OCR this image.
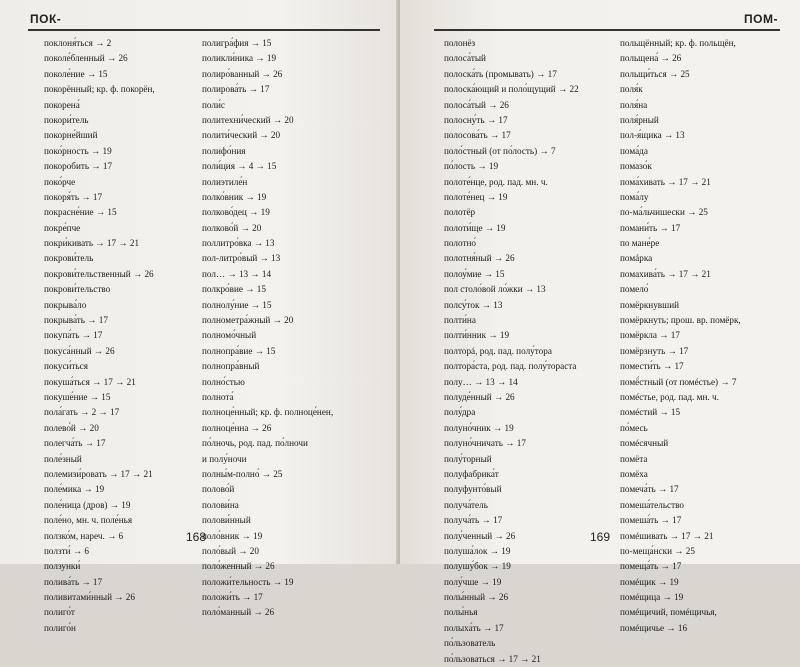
ПОК-
поклоня́ться → 2
поколе́бленный → 26
поколе́ние → 15
покорённый; кр. ф. покорён,
покорена́
покори́тель
покорне́йший
поко́рность → 19
покоробить → 17
поко́рче
покоря́ть → 17
покрасне́ние → 15
покре́пче
покри́кивать → 17 → 21
покрови́тель
покрови́тельственный → 26
покрови́тельство
покрыва́ло
покрыва́ть → 17
покупа́ть → 17
покуса́нный → 26
покуси́ться
покуша́ться → 17 → 21
покуше́ние → 15
пола́гать → 2 → 17
полево́й → 20
полегча́ть → 17
поле́зный
полемизи́ровать → 17 → 21
поле́мика → 19
поле́ница (дров) → 19
поле́но, мн. ч. поле́нья
ползко́м, нареч. → 6
ползти́ → 6
ползунки́
полива́ть → 17
поливитами́нный → 26
полиго́т
полиго́н
полигра́фия → 15
поликли́ника → 19
полиро́ванный → 26
полирова́ть → 17
поли́с
политехни́ческий → 20
полити́ческий → 20
полифо́ния
поли́ция → 4 → 15
полиэтиле́н
полко́вник → 19
полково́дец → 19
полково́й → 20
поллитро́вка → 13
пол-литро́вый → 13
пол… → 13 → 14
полкро́вие → 15
полнолу́ние → 15
полнометра́жный → 20
полномо́чный
полнопра́вие → 15
полнопра́вный
полно́стью
полнота́
полноце́нный; кр. ф. полноце́нен,
полноце́нна → 26
по́лночь, род. пад. по́лночи
и полу́ночи
полны́м-полно́ → 25
полово́й
полови́на
полови́нный
поло́вник → 19
поло́вый → 20
поло́женный → 26
положи́тельность → 19
положи́ть → 17
поло́манный → 26
168
ПОМ-
полонёз
полоса́тый
полоска́ть (промывать) → 17
полоска́ющий и поло́щущий → 22
полоса́тый → 26
полосну́ть → 17
полосова́ть → 17
поло́стный (от по́лость) → 7
по́лость → 19
полоте́нце, род. пад. мн. ч.
полоте́нец → 19
полотёр
полоти́ще → 19
полотно́
полотня́ный → 26
полоу́мие → 15
пол столо́вой ло́жки → 13
полсу́ток → 13
полти́на
полти́нник → 19
полторá, род. пад. полу́тора
полтора́ста, род. пад. полу́тораста
полу… → 13 → 14
полуде́нный → 26
полу́дра
полуно́чник → 19
полуно́чничать → 17
полу́торный
полуфабрика́т
полуфунто́вый
получа́тель
получа́ть → 17
полу́ченный → 26
полуша́лок → 19
полушу́бок → 19
полу́чше → 19
полы́нный → 26
полы́нья
полыха́ть → 17
по́льзователь
по́льзоваться → 17 → 21
польщённый; кр. ф. польщён,
польщена́ → 26
польщи́ться → 25
поля́к
поля́на
поля́рный
пол-я́щика → 13
пома́да
помазо́к
пома́хивать → 17 → 21
пома́лу
по-ма́льчишески → 25
помани́ть → 17
по мане́ре
помáрка
помахива́ть → 17 → 21
помело́
помёркнувший
помёркнуть; прош. вр. помёрк,
помёркла → 17
помёрзнуть → 17
помести́ть → 17
помё́стный (от помéстье) → 7
помéстье, род. пад. мн. ч.
помéстий → 15
по́месь
помéсячный
помёта
помёха
помеча́ть → 17
помеша́тельство
помеша́ть → 17
помéшивать → 17 → 21
по-меща́нски → 25
помеща́ть → 17
помéщик → 19
помéщица → 19
помéщичий, помéщичья,
помéщичье → 16
169
